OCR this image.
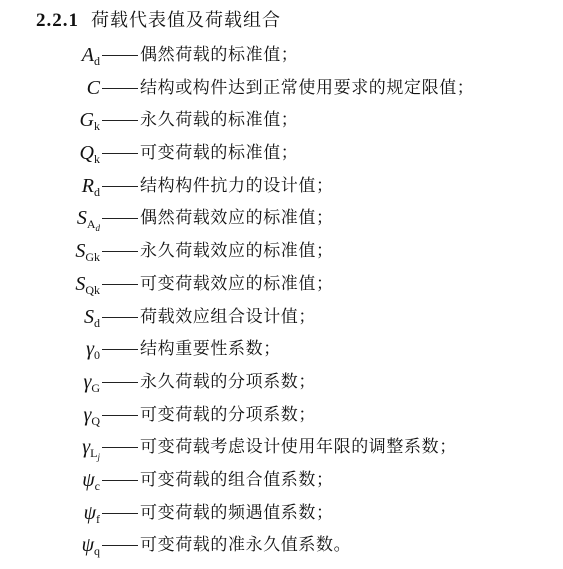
2.2.1 荷载代表值及荷载组合
$A_d$ 偶然荷载的标准值；
C 结构或构件达到正常使用要求的规定限值；
$G_k$ 永久荷载的标准值；
$Q_k$ 可变荷载的标准值；
$R_d$ 结构构件抗力的设计值；
$S_{A_d}$ 偶然荷载效应的标准值；
$S_{Gk}$ 永久荷载效应的标准值；
$S_{Qk}$ 可变荷载效应的标准值；
$S_d$ 荷载效应组合设计值；
$\gamma_0$ 结构重要性系数；
$\gamma_G$ 永久荷载的分项系数；
$\gamma_Q$ 可变荷载的分项系数；
$\gamma_{L_j}$ 可变荷载考虑设计使用年限的调整系数；
$\psi_c$ 可变荷载的组合值系数；
$\psi_f$ 可变荷载的频遇值系数；
$\psi_q$ 可变荷载的准永久值系数。
